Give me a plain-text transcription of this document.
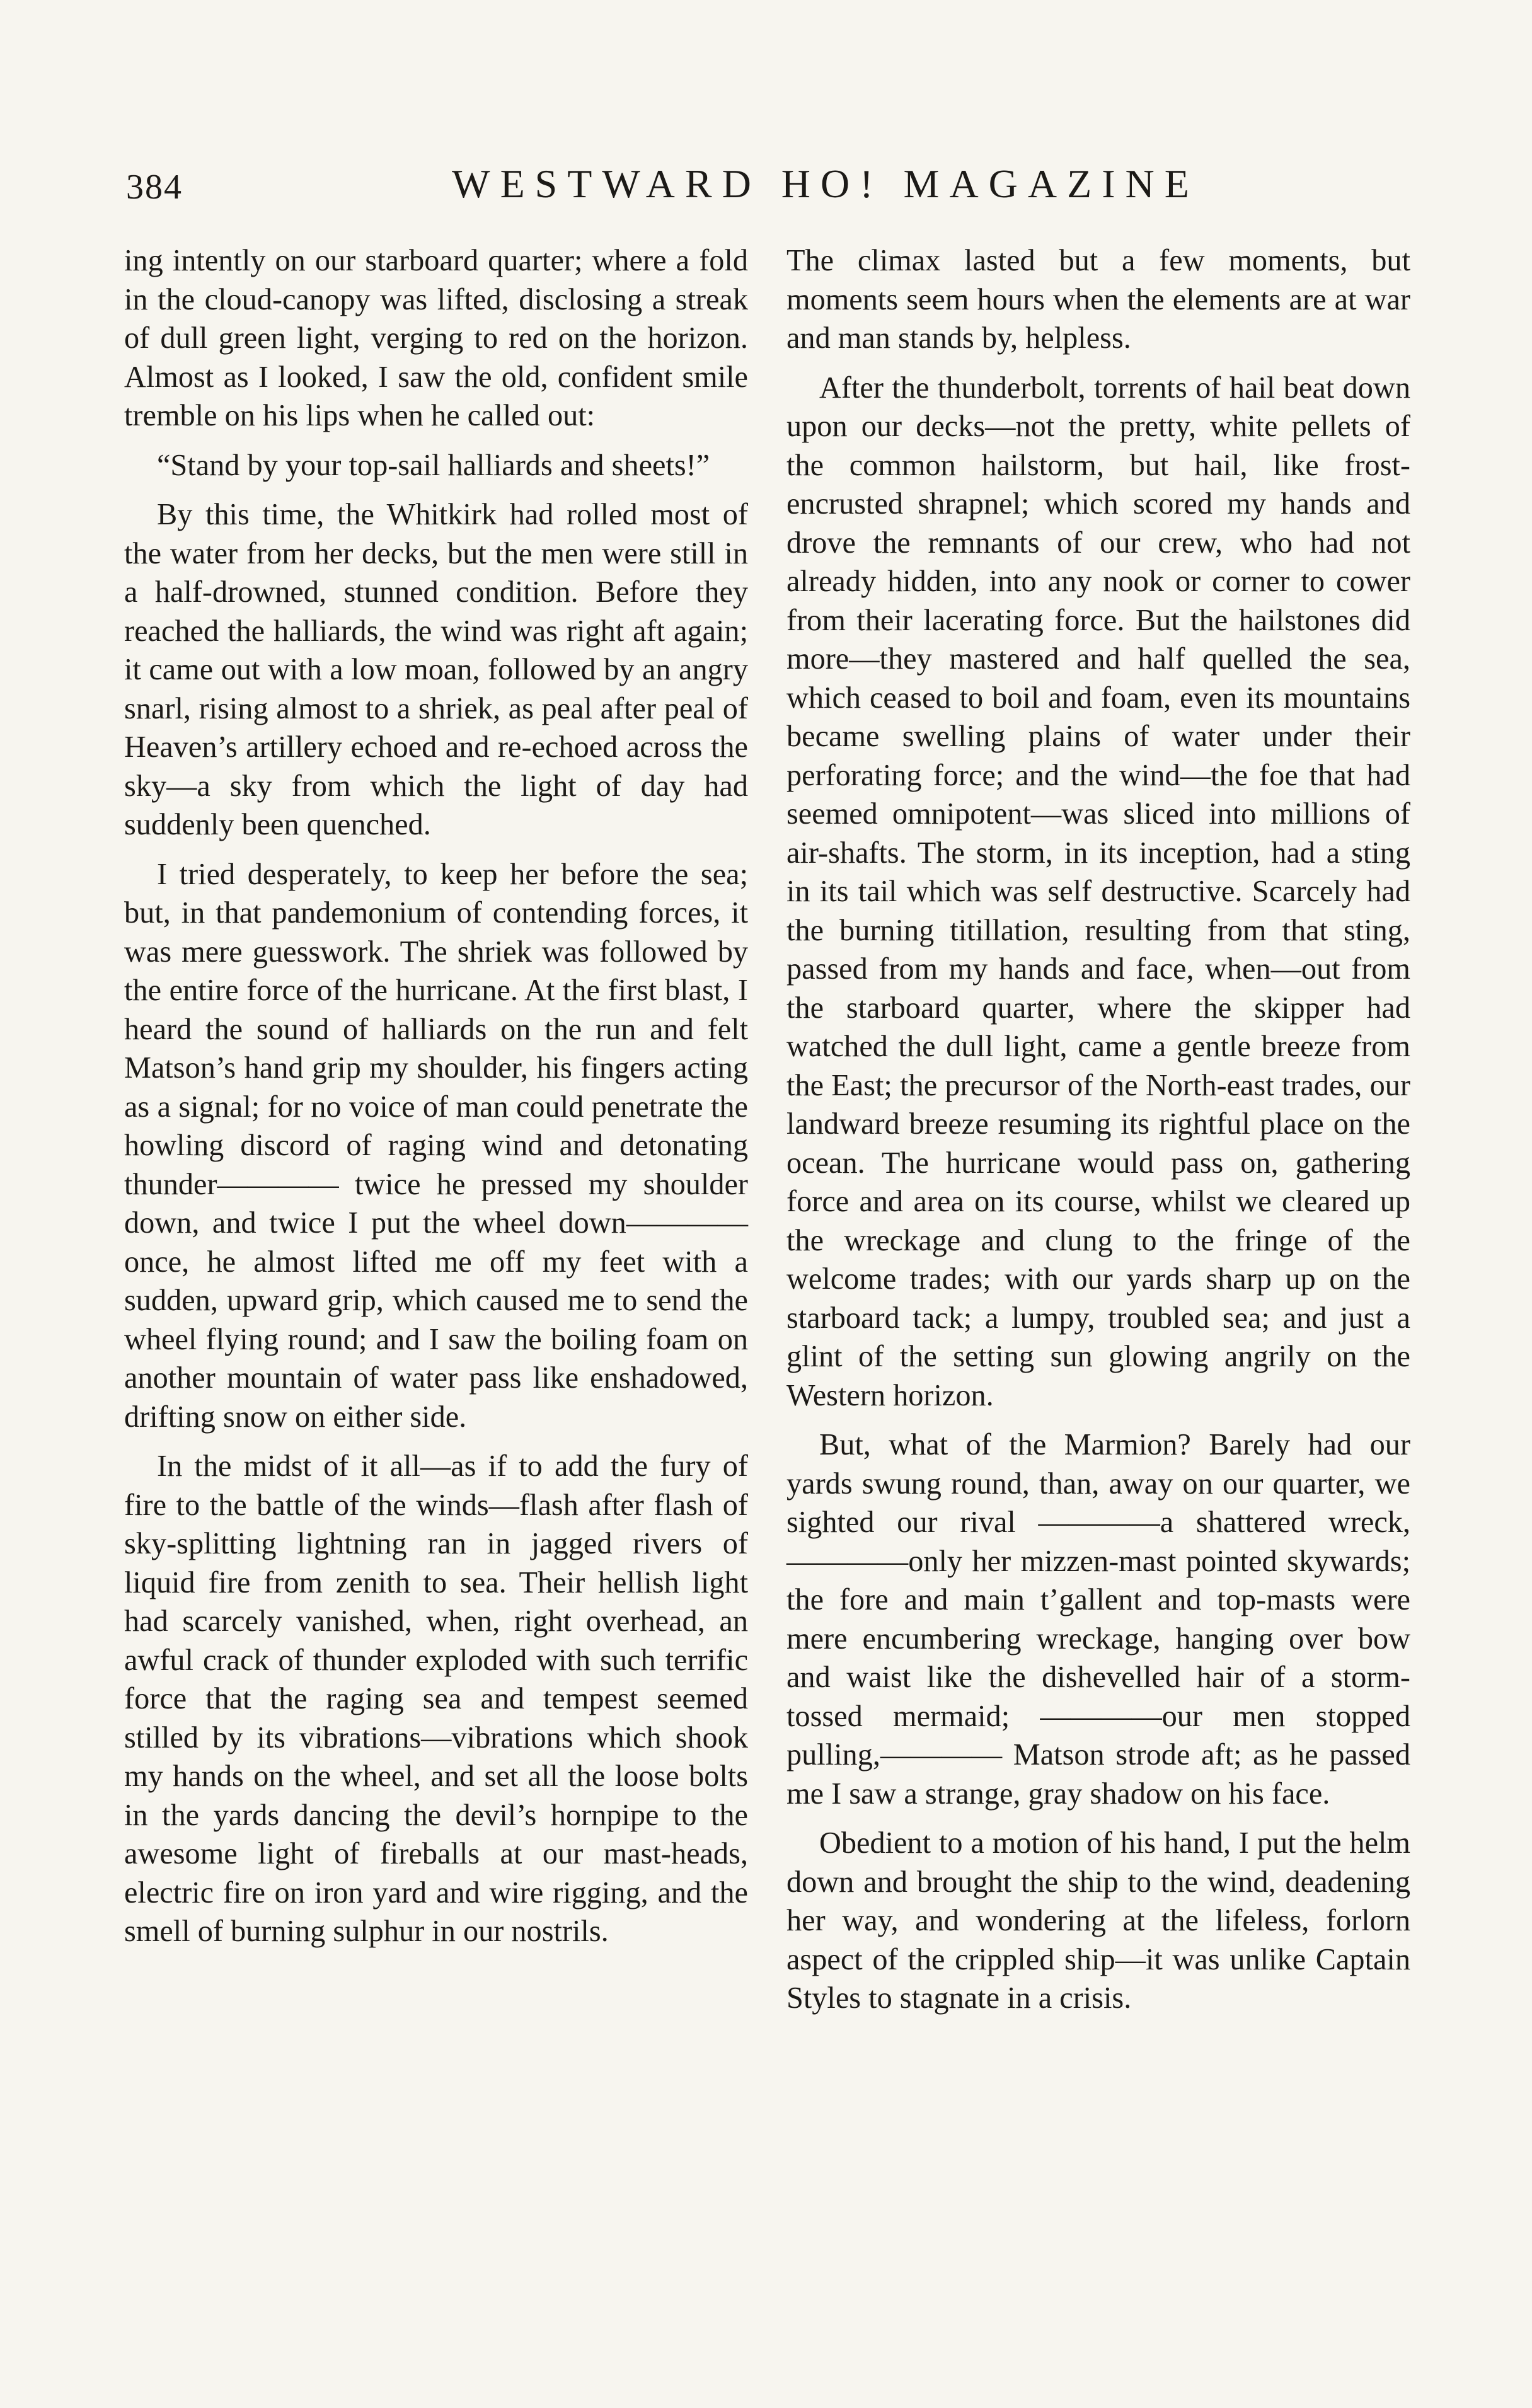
384	WESTWARD HO! MAGAZINE

ing intently on our starboard quarter; where a fold in the cloud-canopy was lifted, disclosing a streak of dull green light, verging to red on the horizon. Almost as I looked, I saw the old, confident smile tremble on his lips when he called out:

“Stand by your top-sail halliards and sheets!”

By this time, the Whitkirk had rolled most of the water from her decks, but the men were still in a half-drowned, stunned condition. Before they reached the halliards, the wind was right aft again; it came out with a low moan, followed by an angry snarl, rising almost to a shriek, as peal after peal of Heaven’s artillery echoed and re-echoed across the sky—a sky from which the light of day had suddenly been quenched.

I tried desperately, to keep her before the sea; but, in that pandemonium of contending forces, it was mere guesswork. The shriek was followed by the entire force of the hurricane. At the first blast, I heard the sound of halliards on the run and felt Matson’s hand grip my shoulder, his fingers acting as a signal; for no voice of man could penetrate the howling discord of raging wind and detonating thunder———— twice he pressed my shoulder down, and twice I put the wheel down————once, he almost lifted me off my feet with a sudden, upward grip, which caused me to send the wheel flying round; and I saw the boiling foam on another mountain of water pass like enshadowed, drifting snow on either side.

In the midst of it all—as if to add the fury of fire to the battle of the winds—flash after flash of sky-splitting lightning ran in jagged rivers of liquid fire from zenith to sea. Their hellish light had scarcely vanished, when, right overhead, an awful crack of thunder exploded with such terrific force that the raging sea and tempest seemed stilled by its vibrations—vibrations which shook my hands on the wheel, and set all the loose bolts in the yards dancing the devil’s hornpipe to the awesome light of fireballs at our mast-heads, electric fire on iron yard and wire rigging, and the smell of burning sulphur in our nostrils.

The climax lasted but a few moments, but moments seem hours when the elements are at war and man stands by, helpless.

After the thunderbolt, torrents of hail beat down upon our decks—not the pretty, white pellets of the common hailstorm, but hail, like frost-encrusted shrapnel; which scored my hands and drove the remnants of our crew, who had not already hidden, into any nook or corner to cower from their lacerating force. But the hailstones did more—they mastered and half quelled the sea, which ceased to boil and foam, even its mountains became swelling plains of water under their perforating force; and the wind—the foe that had seemed omnipotent—was sliced into millions of air-shafts. The storm, in its inception, had a sting in its tail which was self destructive. Scarcely had the burning titillation, resulting from that sting, passed from my hands and face, when—out from the starboard quarter, where the skipper had watched the dull light, came a gentle breeze from the East; the precursor of the North-east trades, our landward breeze resuming its rightful place on the ocean. The hurricane would pass on, gathering force and area on its course, whilst we cleared up the wreckage and clung to the fringe of the welcome trades; with our yards sharp up on the starboard tack; a lumpy, troubled sea; and just a glint of the setting sun glowing angrily on the Western horizon.

But, what of the Marmion? Barely had our yards swung round, than, away on our quarter, we sighted our rival ————a shattered wreck,————only her mizzen-mast pointed skywards; the fore and main t’gallent and top-masts were mere encumbering wreckage, hanging over bow and waist like the dishevelled hair of a storm-tossed mermaid; ————our men stopped pulling,———— Matson strode aft; as he passed me I saw a strange, gray shadow on his face.

Obedient to a motion of his hand, I put the helm down and brought the ship to the wind, deadening her way, and wondering at the lifeless, forlorn aspect of the crippled ship—it was unlike Captain Styles to stagnate in a crisis.
